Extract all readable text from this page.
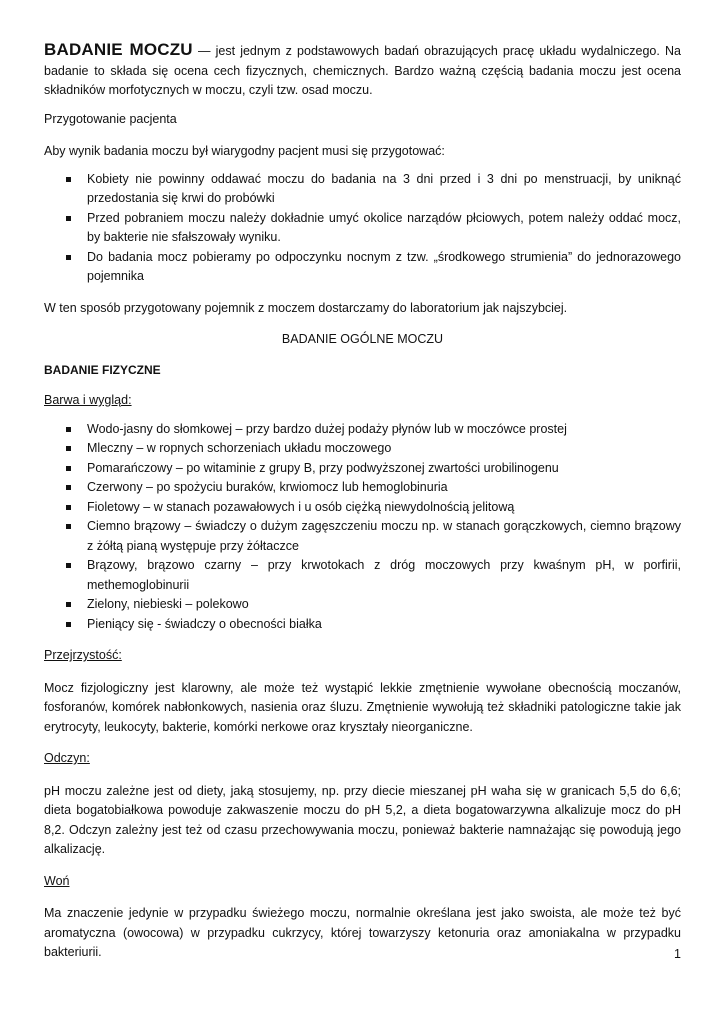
BADANIE MOCZU — jest jednym z podstawowych badań obrazujących pracę układu wydalniczego. Na badanie to składa się ocena cech fizycznych, chemicznych. Bardzo ważną częścią badania moczu jest ocena składników morfotycznych w moczu, czyli tzw. osad moczu.

Przygotowanie pacjenta

Aby wynik badania moczu był wiarygodny pacjent musi się przygotować:

Kobiety nie powinny oddawać moczu do badania na 3 dni przed i 3 dni po menstruacji, by uniknąć przedostania się krwi do probówki
Przed pobraniem moczu należy dokładnie umyć okolice narządów płciowych, potem należy oddać mocz, by bakterie nie sfałszowały wyniku.
Do badania mocz pobieramy po odpoczynku nocnym z tzw. „środkowego strumienia” do jednorazowego pojemnika

W ten sposób przygotowany pojemnik z moczem dostarczamy do laboratorium jak najszybciej.

BADANIE OGÓLNE MOCZU

BADANIE FIZYCZNE

Barwa i wygląd:

Wodo-jasny do słomkowej – przy bardzo dużej podaży płynów lub w moczówce prostej
Mleczny – w ropnych schorzeniach układu moczowego
Pomarańczowy – po witaminie z grupy B, przy podwyższonej zwartości urobilinogenu
Czerwony – po spożyciu buraków, krwiomocz lub hemoglobinuria
Fioletowy – w stanach pozawałowych i u osób ciężką niewydolnością jelitową
Ciemno brązowy – świadczy o dużym zagęszczeniu moczu np. w stanach gorączkowych, ciemno brązowy z żółtą pianą występuje przy żółtaczce
Brązowy, brązowo czarny – przy krwotokach z dróg moczowych przy kwaśnym pH, w porfirii, methemoglobinurii
Zielony, niebieski – polekowo
Pieniący się - świadczy o obecności białka

Przejrzystość:

Mocz fizjologiczny jest klarowny, ale może też wystąpić lekkie zmętnienie wywołane obecnością moczanów, fosforanów, komórek nabłonkowych, nasienia oraz śluzu. Zmętnienie wywołują też składniki patologiczne takie jak erytrocyty, leukocyty, bakterie, komórki nerkowe oraz kryształy nieorganiczne.

Odczyn:

pH moczu zależne jest od diety, jaką stosujemy, np. przy diecie mieszanej pH waha się w granicach 5,5 do 6,6; dieta bogatobiałkowa powoduje zakwaszenie moczu do pH 5,2, a dieta bogatowarzywna alkalizuje mocz do pH 8,2. Odczyn zależny jest też od czasu przechowywania moczu, ponieważ bakterie namnażając się powodują jego alkalizację.

Woń

Ma znaczenie jedynie w przypadku świeżego moczu, normalnie określana jest jako swoista, ale może też być aromatyczna (owocowa) w przypadku cukrzycy, której towarzyszy ketonuria oraz amoniakalna w przypadku bakteriurii.	1
